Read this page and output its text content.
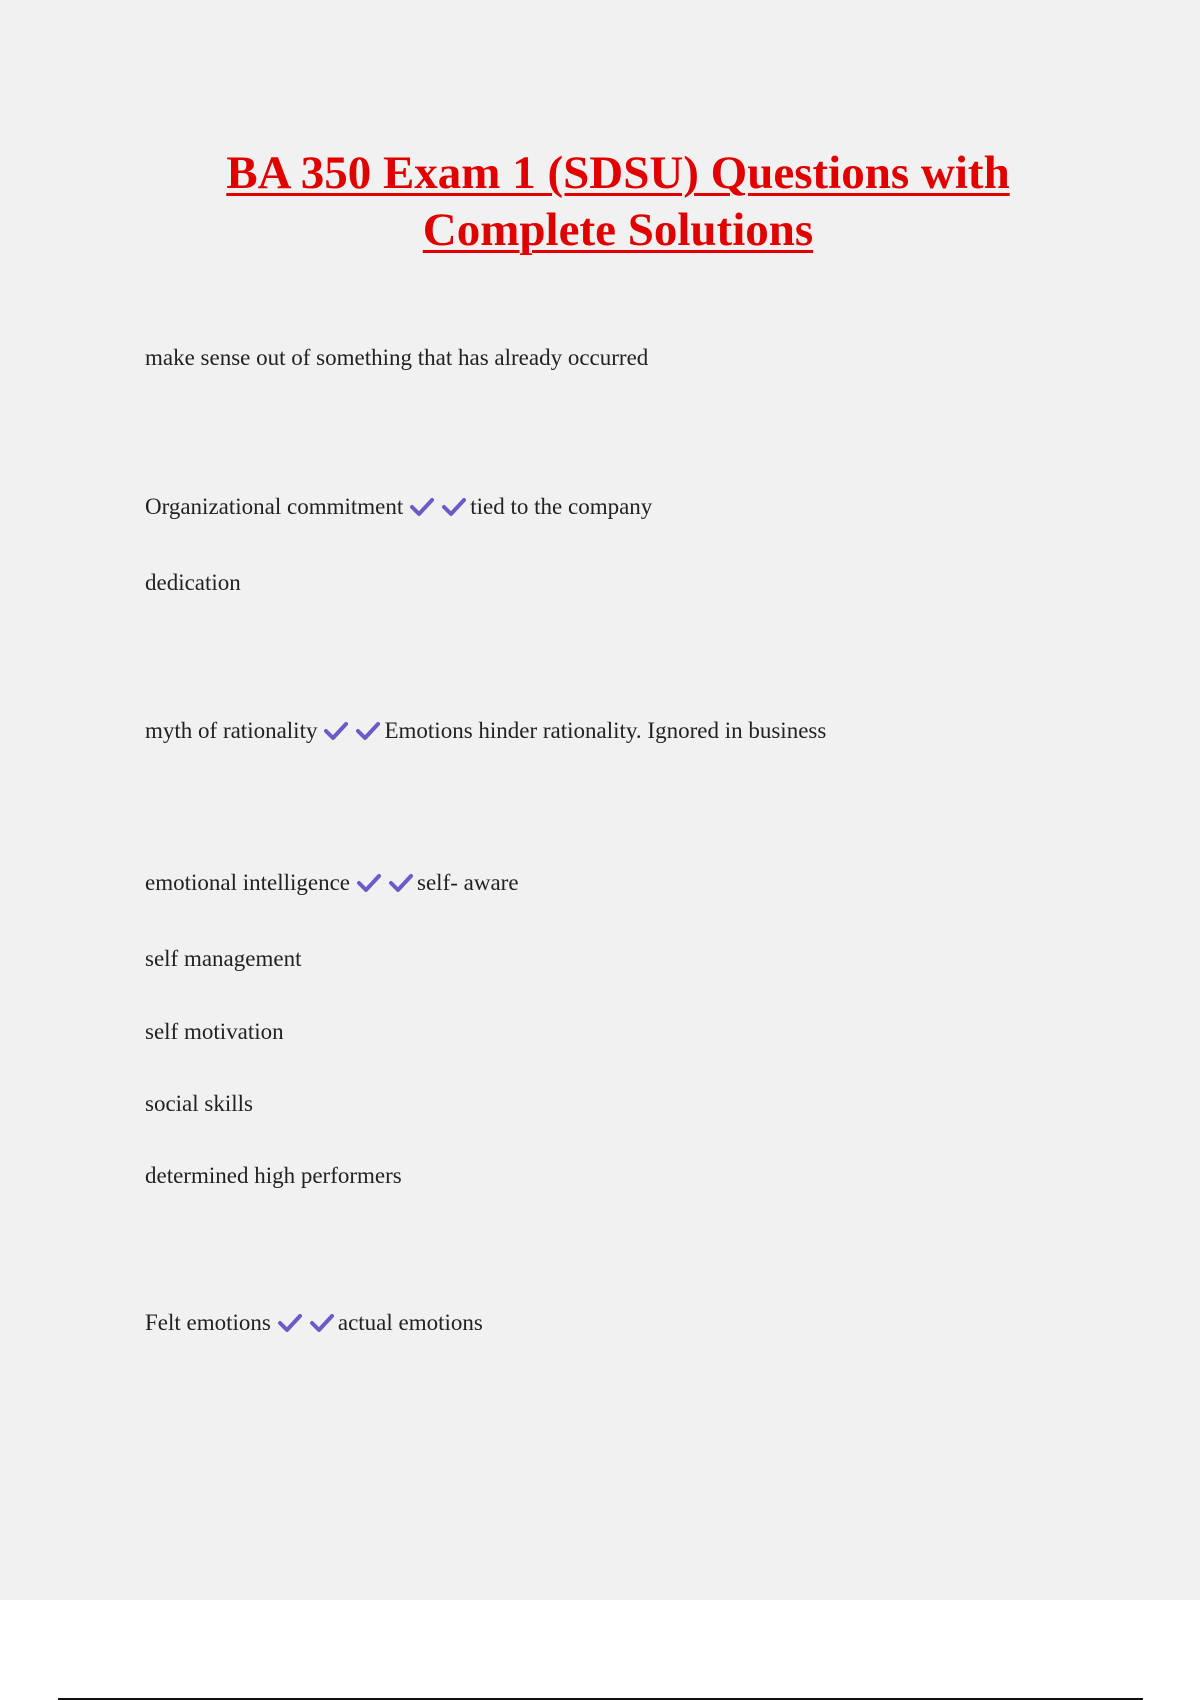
BA 350 Exam 1 (SDSU) Questions with
Complete Solutions
make sense out of something that has already occurred
Organizational commitment	tied to the company
dedication
myth of rationality	Emotions hinder rationality. Ignored in business
emotional intelligence	self- aware
self management
self motivation
social skills
determined high performers
Felt emotions	actual emotions
